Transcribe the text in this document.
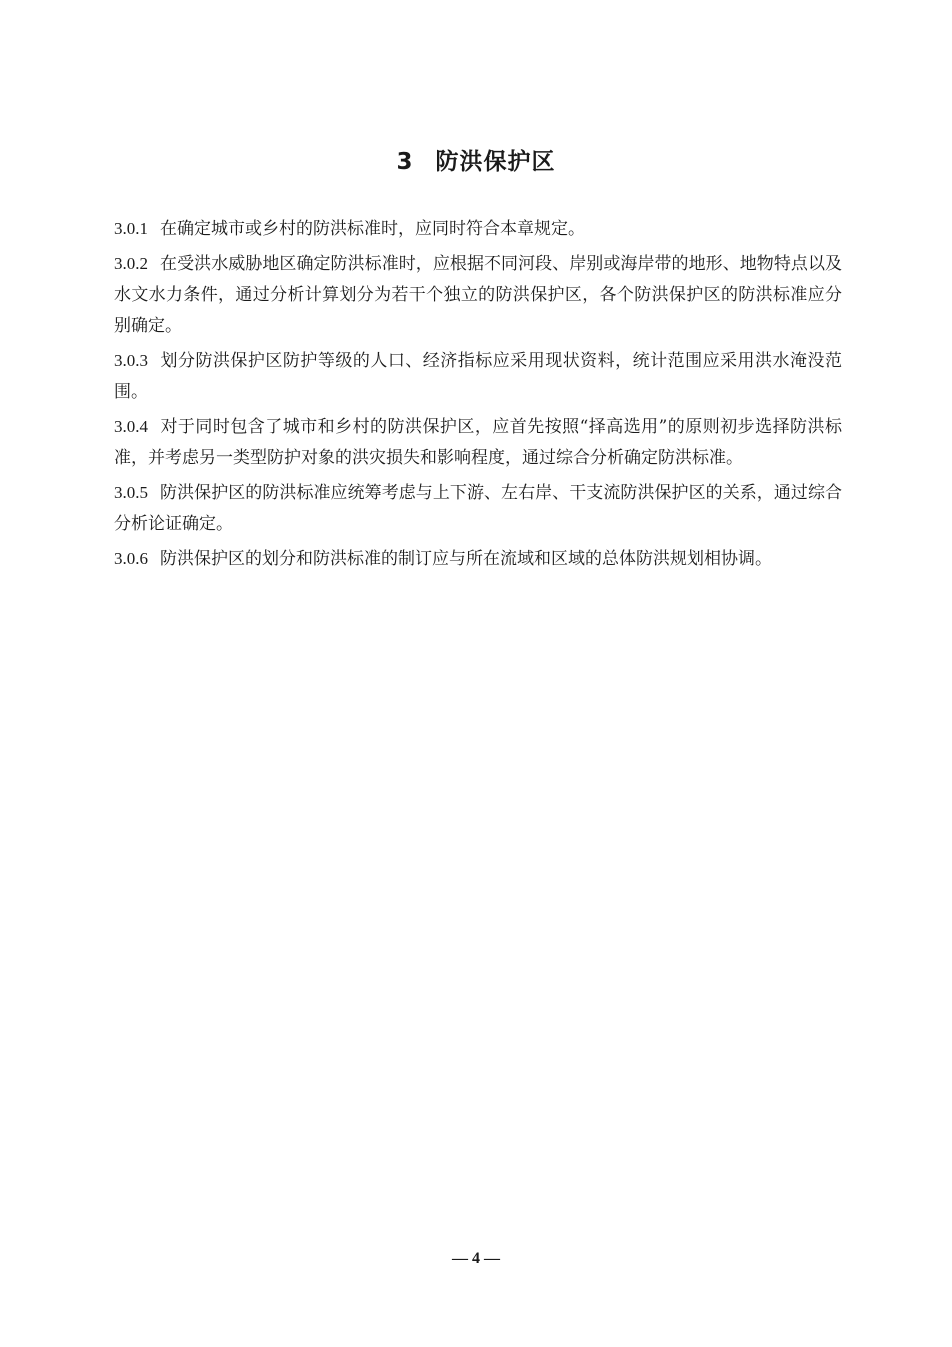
3 防洪保护区

3.0.1 在确定城市或乡村的防洪标准时，应同时符合本章规定。

3.0.2 在受洪水威胁地区确定防洪标准时，应根据不同河段、岸别或海岸带的地形、地物特点以及水文水力条件，通过分析计算划分为若干个独立的防洪保护区，各个防洪保护区的防洪标准应分别确定。

3.0.3 划分防洪保护区防护等级的人口、经济指标应采用现状资料，统计范围应采用洪水淹没范围。

3.0.4 对于同时包含了城市和乡村的防洪保护区，应首先按照“择高选用”的原则初步选择防洪标准，并考虑另一类型防护对象的洪灾损失和影响程度，通过综合分析确定防洪标准。

3.0.5 防洪保护区的防洪标准应统筹考虑与上下游、左右岸、干支流防洪保护区的关系，通过综合分析论证确定。

3.0.6 防洪保护区的划分和防洪标准的制订应与所在流域和区域的总体防洪规划相协调。

— 4 —
